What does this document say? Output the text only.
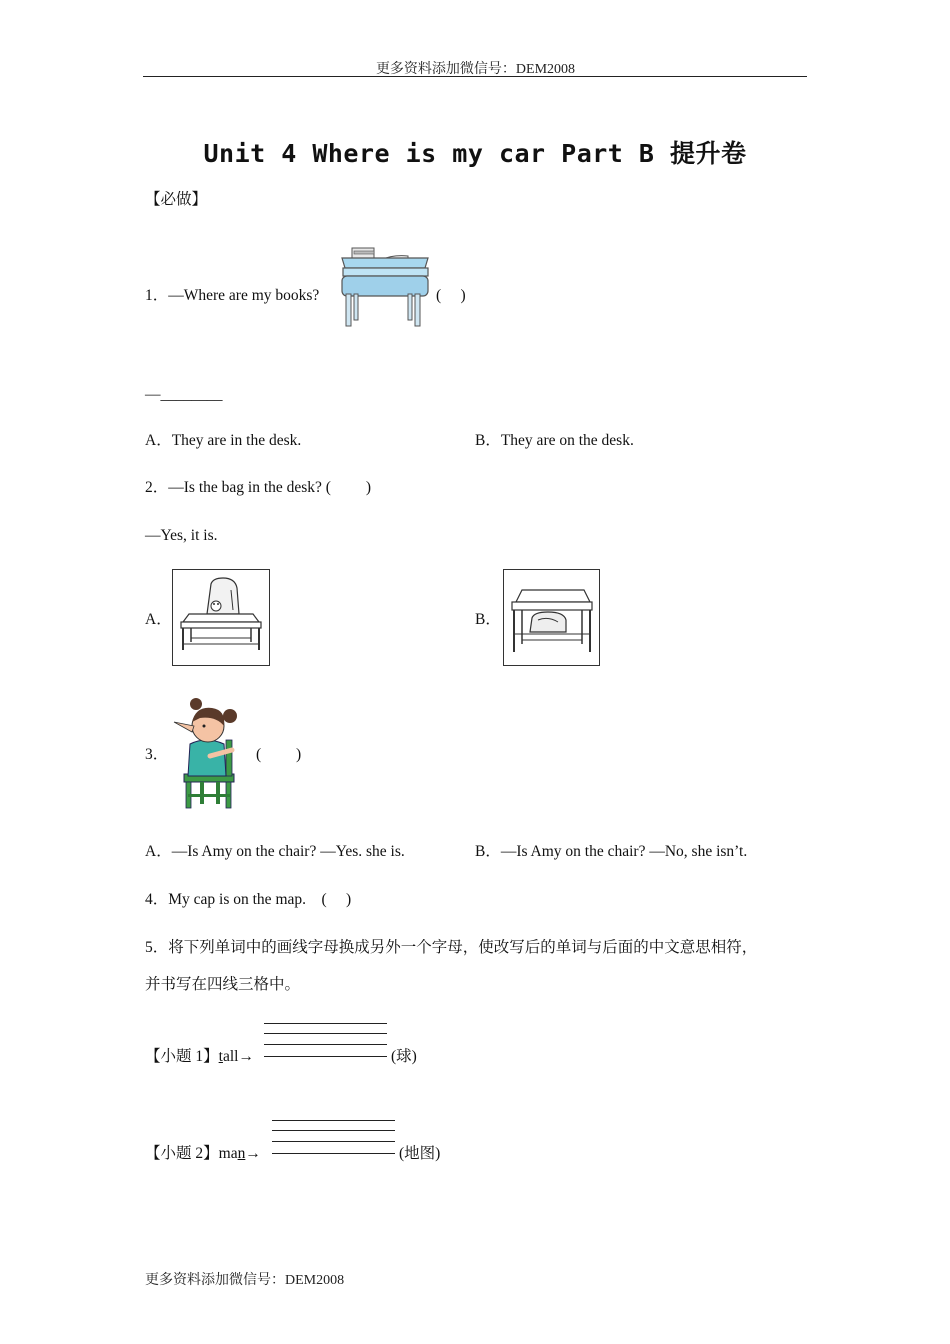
更多资料添加微信号：DEM2008
Unit 4 Where is my car Part B 提升卷
【必做】
1．—Where are my books?	(　 )
—________
A．They are in the desk.	B．They are on the desk.
2．—Is the bag in the desk? (　　 )
—Yes, it is.
A．	B．
3．	(　　 )
A．—Is Amy on the chair? —Yes. she is.	B．—Is Amy on the chair? —No, she isn’t.
4．My cap is on the map.　(　 )
5．将下列单词中的画线字母换成另外一个字母，使改写后的单词与后面的中文意思相符，
并书写在四线三格中。
【小题 1】tall→	(球)
【小题 2】man→	(地图)
更多资料添加微信号：DEM2008
